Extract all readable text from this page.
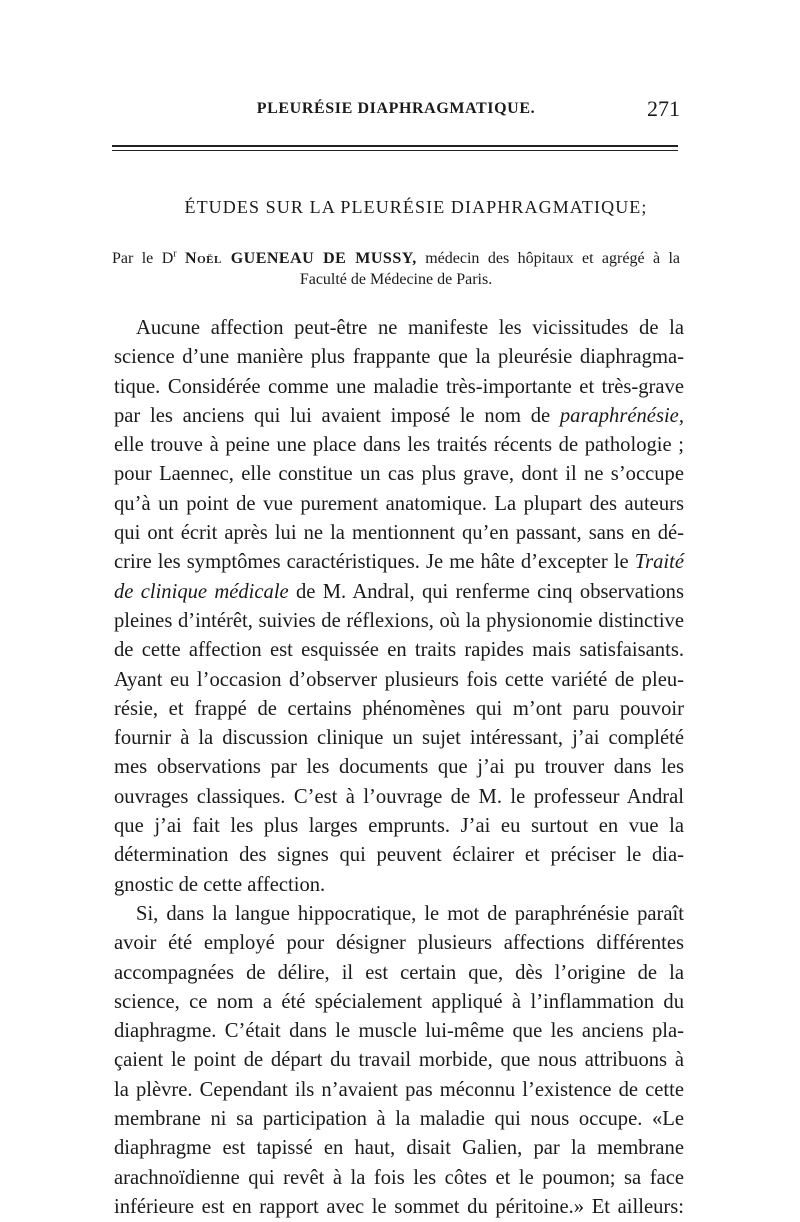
PLEURÉSIE DIAPHRAGMATIQUE.	271
ÉTUDES SUR LA PLEURÉSIE DIAPHRAGMATIQUE;
Par le $D^r$ Noël GUENEAU DE MUSSY, médecin des hôpitaux et agrégé à la
Faculté de Médecine de Paris.
Aucune affection peut-être ne manifeste les vicissitudes de la
science d’une manière plus frappante que la pleurésie diaphragma-
tique. Considérée comme une maladie très-importante et très-grave
par les anciens qui lui avaient imposé le nom de paraphrénésie,
elle trouve à peine une place dans les traités récents de pathologie ;
pour Laennec, elle constitue un cas plus grave, dont il ne s’occupe
qu’à un point de vue purement anatomique. La plupart des auteurs
qui ont écrit après lui ne la mentionnent qu’en passant, sans en dé-
crire les symptômes caractéristiques. Je me hâte d’excepter le Traité
de clinique médicale de M. Andral, qui renferme cinq observations
pleines d’intérêt, suivies de réflexions, où la physionomie distinctive
de cette affection est esquissée en traits rapides mais satisfaisants.
Ayant eu l’occasion d’observer plusieurs fois cette variété de pleu-
résie, et frappé de certains phénomènes qui m’ont paru pouvoir
fournir à la discussion clinique un sujet intéressant, j’ai complété
mes observations par les documents que j’ai pu trouver dans les
ouvrages classiques. C’est à l’ouvrage de M. le professeur Andral
que j’ai fait les plus larges emprunts. J’ai eu surtout en vue la
détermination des signes qui peuvent éclairer et préciser le dia-
gnostic de cette affection.
Si, dans la langue hippocratique, le mot de paraphrénésie paraît
avoir été employé pour désigner plusieurs affections différentes
accompagnées de délire, il est certain que, dès l’origine de la
science, ce nom a été spécialement appliqué à l’inflammation du
diaphragme. C’était dans le muscle lui-même que les anciens pla-
çaient le point de départ du travail morbide, que nous attribuons à
la plèvre. Cependant ils n’avaient pas méconnu l’existence de cette
membrane ni sa participation à la maladie qui nous occupe. «Le
diaphragme est tapissé en haut, disait Galien, par la membrane
arachnoïdienne qui revêt à la fois les côtes et le poumon; sa face
inférieure est en rapport avec le sommet du péritoine.» Et ailleurs:
